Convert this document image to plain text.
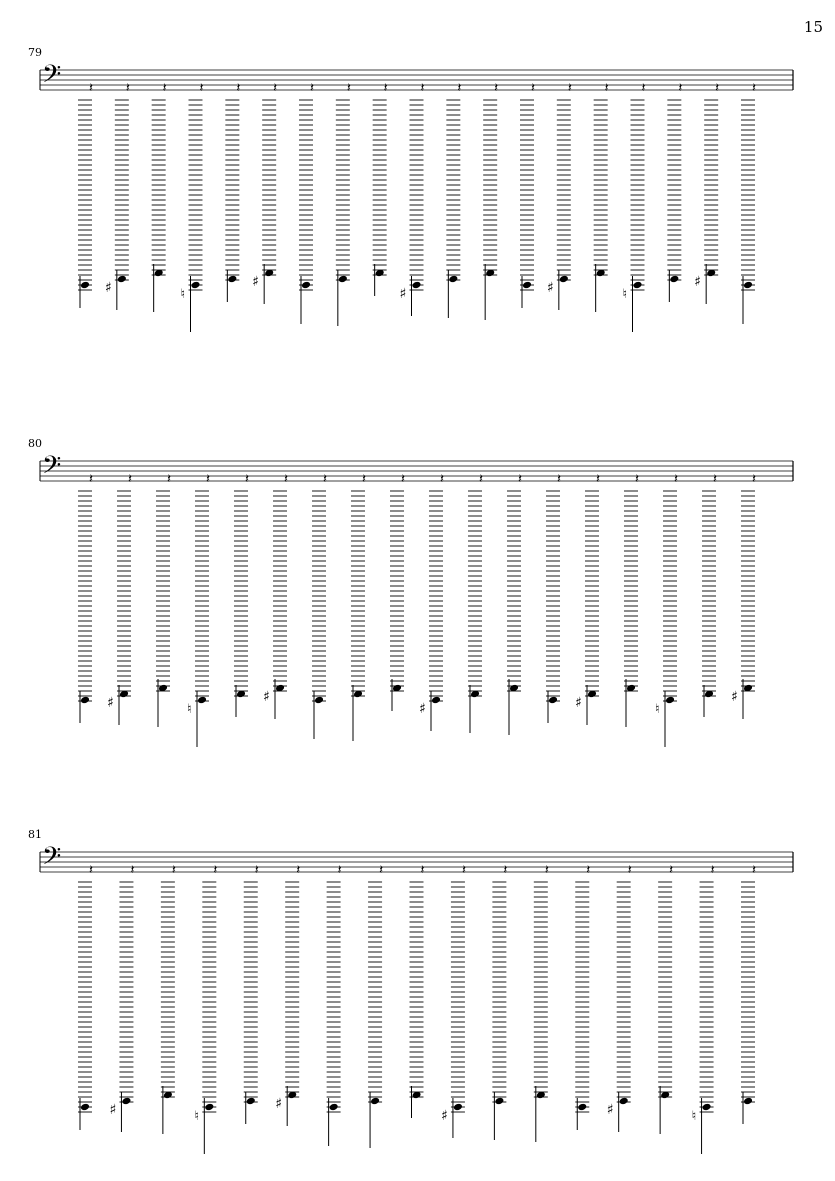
15
79
𝄢 𝄽	𝄽
♯
𝄽	𝄽
♮
𝄽	𝄽
♯
𝄽	𝄽	𝄽	𝄽
♯
𝄽	𝄽	𝄽	𝄽
♯
𝄽	𝄽
♮
𝄽	𝄽
♯
𝄽
80
𝄢 𝄽	𝄽
♯
𝄽	𝄽
♮
𝄽	𝄽
♯
𝄽	𝄽	𝄽	𝄽
♯
𝄽	𝄽	𝄽	𝄽
♯
𝄽	𝄽
♮
𝄽	𝄽
♯
81
𝄢 𝄽	𝄽
♯
𝄽	𝄽
♮
𝄽	𝄽
♯
𝄽	𝄽	𝄽	𝄽
♯
𝄽	𝄽	𝄽	𝄽
♯
𝄽	𝄽
♮
𝄽
